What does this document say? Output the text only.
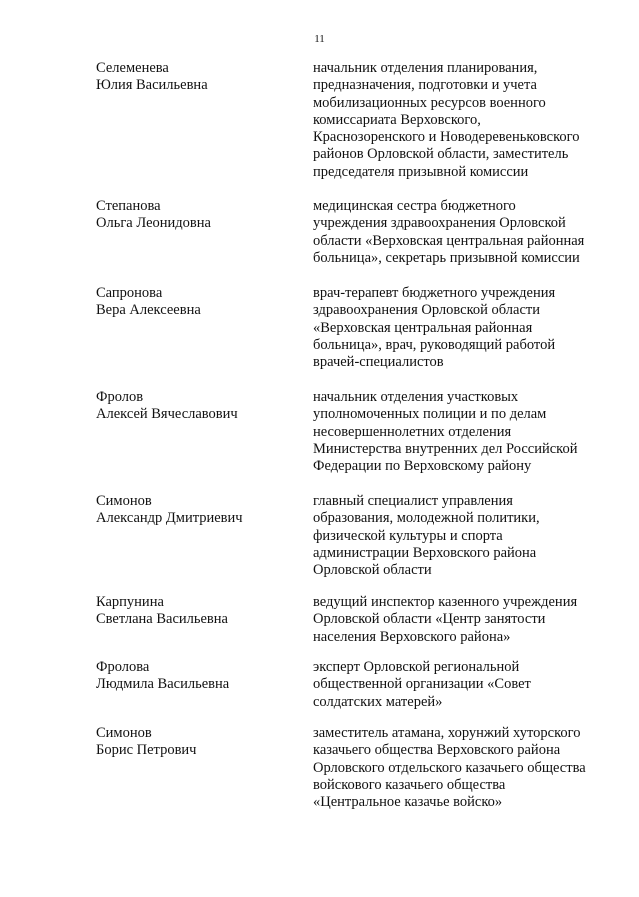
11
Селеменева
Юлия Васильевна
начальник отделения планирования,
предназначения, подготовки и учета
мобилизационных ресурсов военного
комиссариата Верховского,
Краснозоренского и Новодеревеньковского
районов Орловской области, заместитель
председателя призывной комиссии
Степанова
Ольга Леонидовна
медицинская сестра бюджетного
учреждения здравоохранения Орловской
области «Верховская центральная районная
больница», секретарь призывной комиссии
Сапронова
Вера Алексеевна
врач-терапевт бюджетного учреждения
здравоохранения Орловской области
«Верховская центральная районная
больница», врач, руководящий работой
врачей-специалистов
Фролов
Алексей Вячеславович
начальник отделения участковых
уполномоченных полиции и по делам
несовершеннолетних отделения
Министерства внутренних дел Российской
Федерации по Верховскому району
Симонов
Александр Дмитриевич
главный специалист управления
образования, молодежной политики,
физической культуры и спорта
администрации Верховского района
Орловской области
Карпунина
Светлана Васильевна
ведущий инспектор казенного учреждения
Орловской области «Центр занятости
населения Верховского района»
Фролова
Людмила Васильевна
эксперт Орловской региональной
общественной организации «Совет
солдатских матерей»
Симонов
Борис Петрович
заместитель атамана, хорунжий хуторского
казачьего общества Верховского района
Орловского отдельского казачьего общества
войскового казачьего общества
«Центральное казачье войско»
